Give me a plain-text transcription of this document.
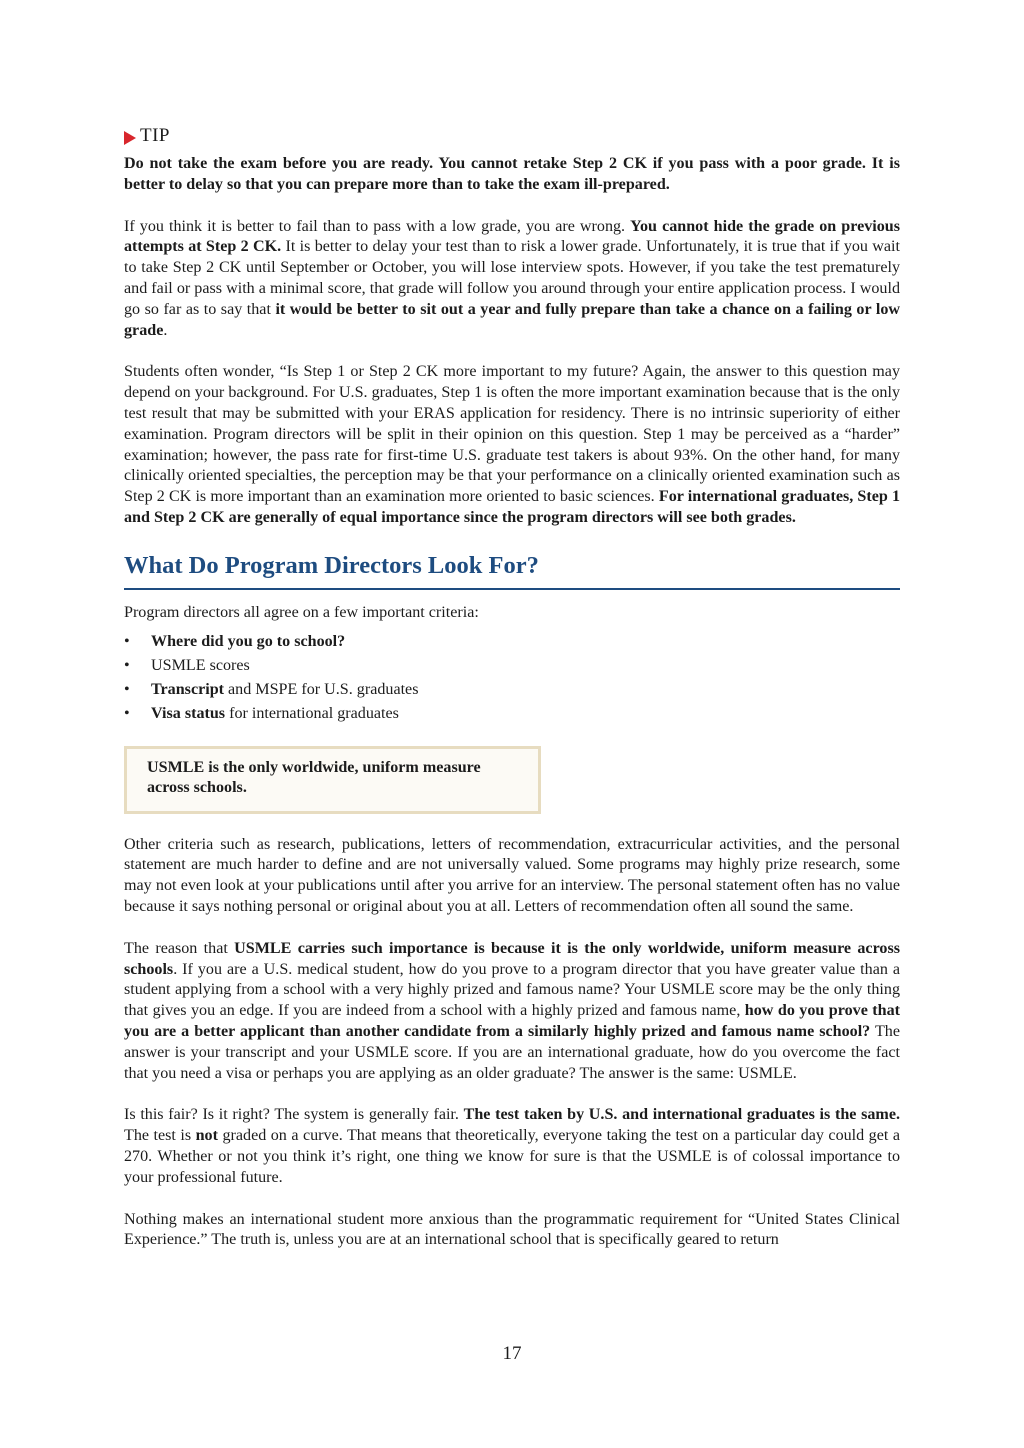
TIP

Do not take the exam before you are ready. You cannot retake Step 2 CK if you pass with a poor grade. It is better to delay so that you can prepare more than to take the exam ill-prepared.

If you think it is better to fail than to pass with a low grade, you are wrong. You cannot hide the grade on previous attempts at Step 2 CK. It is better to delay your test than to risk a lower grade. Unfortunately, it is true that if you wait to take Step 2 CK until September or October, you will lose interview spots. However, if you take the test prematurely and fail or pass with a minimal score, that grade will follow you around through your entire application process. I would go so far as to say that it would be better to sit out a year and fully prepare than take a chance on a failing or low grade.

Students often wonder, “Is Step 1 or Step 2 CK more important to my future? Again, the answer to this question may depend on your background. For U.S. graduates, Step 1 is often the more important examination because that is the only test result that may be submitted with your ERAS application for residency. There is no intrinsic superiority of either examination. Program directors will be split in their opinion on this question. Step 1 may be perceived as a “harder” examination; however, the pass rate for first-time U.S. graduate test takers is about 93%. On the other hand, for many clinically oriented specialties, the perception may be that your performance on a clinically oriented examination such as Step 2 CK is more important than an examination more oriented to basic sciences. For international graduates, Step 1 and Step 2 CK are generally of equal importance since the program directors will see both grades.

What Do Program Directors Look For?

Program directors all agree on a few important criteria:

•	Where did you go to school?
•	USMLE scores
•	Transcript and MSPE for U.S. graduates
•	Visa status for international graduates
USMLE is the only worldwide, uniform measure across schools.

Other criteria such as research, publications, letters of recommendation, extracurricular activities, and the personal statement are much harder to define and are not universally valued. Some programs may highly prize research, some may not even look at your publications until after you arrive for an interview. The personal statement often has no value because it says nothing personal or original about you at all. Letters of recommendation often all sound the same.

The reason that USMLE carries such importance is because it is the only worldwide, uniform measure across schools. If you are a U.S. medical student, how do you prove to a program director that you have greater value than a student applying from a school with a very highly prized and famous name? Your USMLE score may be the only thing that gives you an edge. If you are indeed from a school with a highly prized and famous name, how do you prove that you are a better applicant than another candidate from a similarly highly prized and famous name school? The answer is your transcript and your USMLE score. If you are an international graduate, how do you overcome the fact that you need a visa or perhaps you are applying as an older graduate? The answer is the same: USMLE.

Is this fair? Is it right? The system is generally fair. The test taken by U.S. and international graduates is the same. The test is not graded on a curve. That means that theoretically, everyone taking the test on a particular day could get a 270. Whether or not you think it’s right, one thing we know for sure is that the USMLE is of colossal importance to your professional future.

Nothing makes an international student more anxious than the programmatic requirement for “United States Clinical Experience.” The truth is, unless you are at an international school that is specifically geared to return

17
